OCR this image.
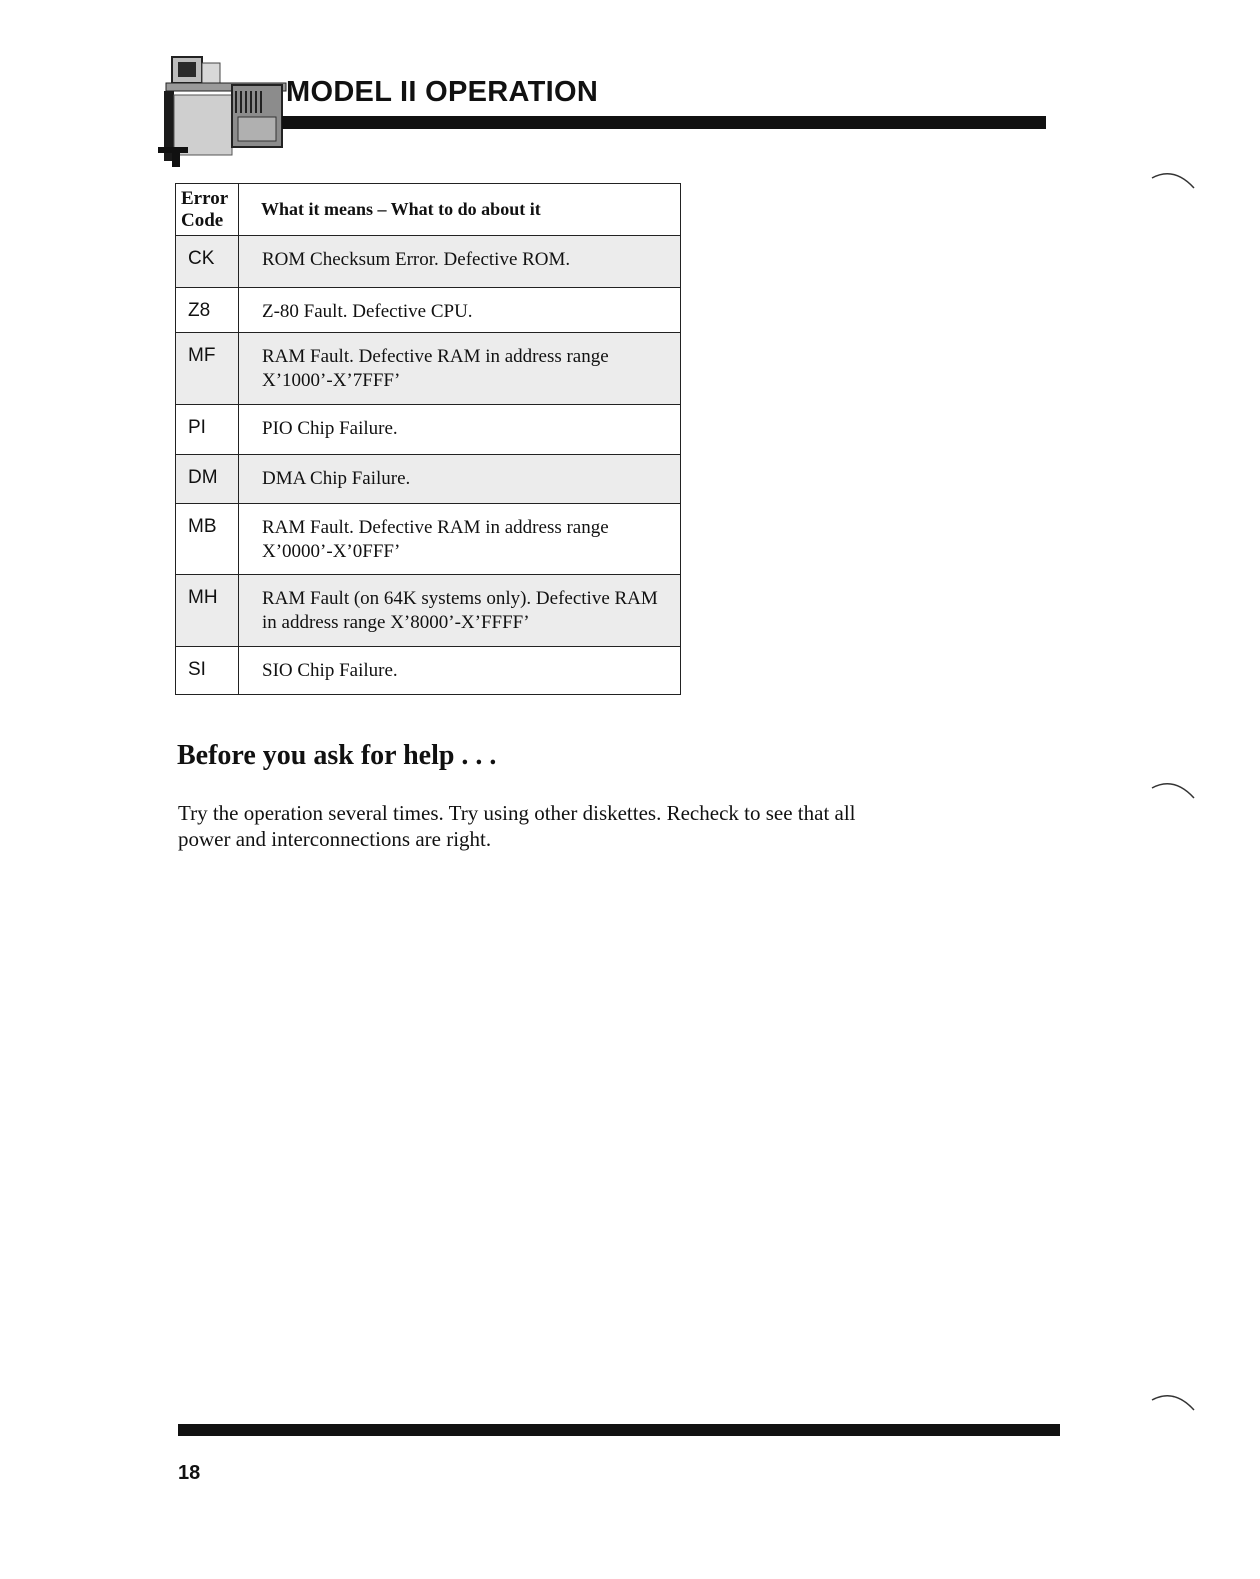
MODEL II OPERATION
Error
Code	What it means – What to do about it
CK	ROM Checksum Error. Defective ROM.
Z8	Z-80 Fault. Defective CPU.
MF	RAM Fault. Defective RAM in address range X’1000’-X’7FFF’
PI	PIO Chip Failure.
DM	DMA Chip Failure.
MB	RAM Fault. Defective RAM in address range X’0000’-X’0FFF’
MH	RAM Fault (on 64K systems only). Defective RAM in address range X’8000’-X’FFFF’
SI	SIO Chip Failure.
Before you ask for help . . .
Try the operation several times. Try using other diskettes. Recheck to see that all power and interconnections are right.
18
